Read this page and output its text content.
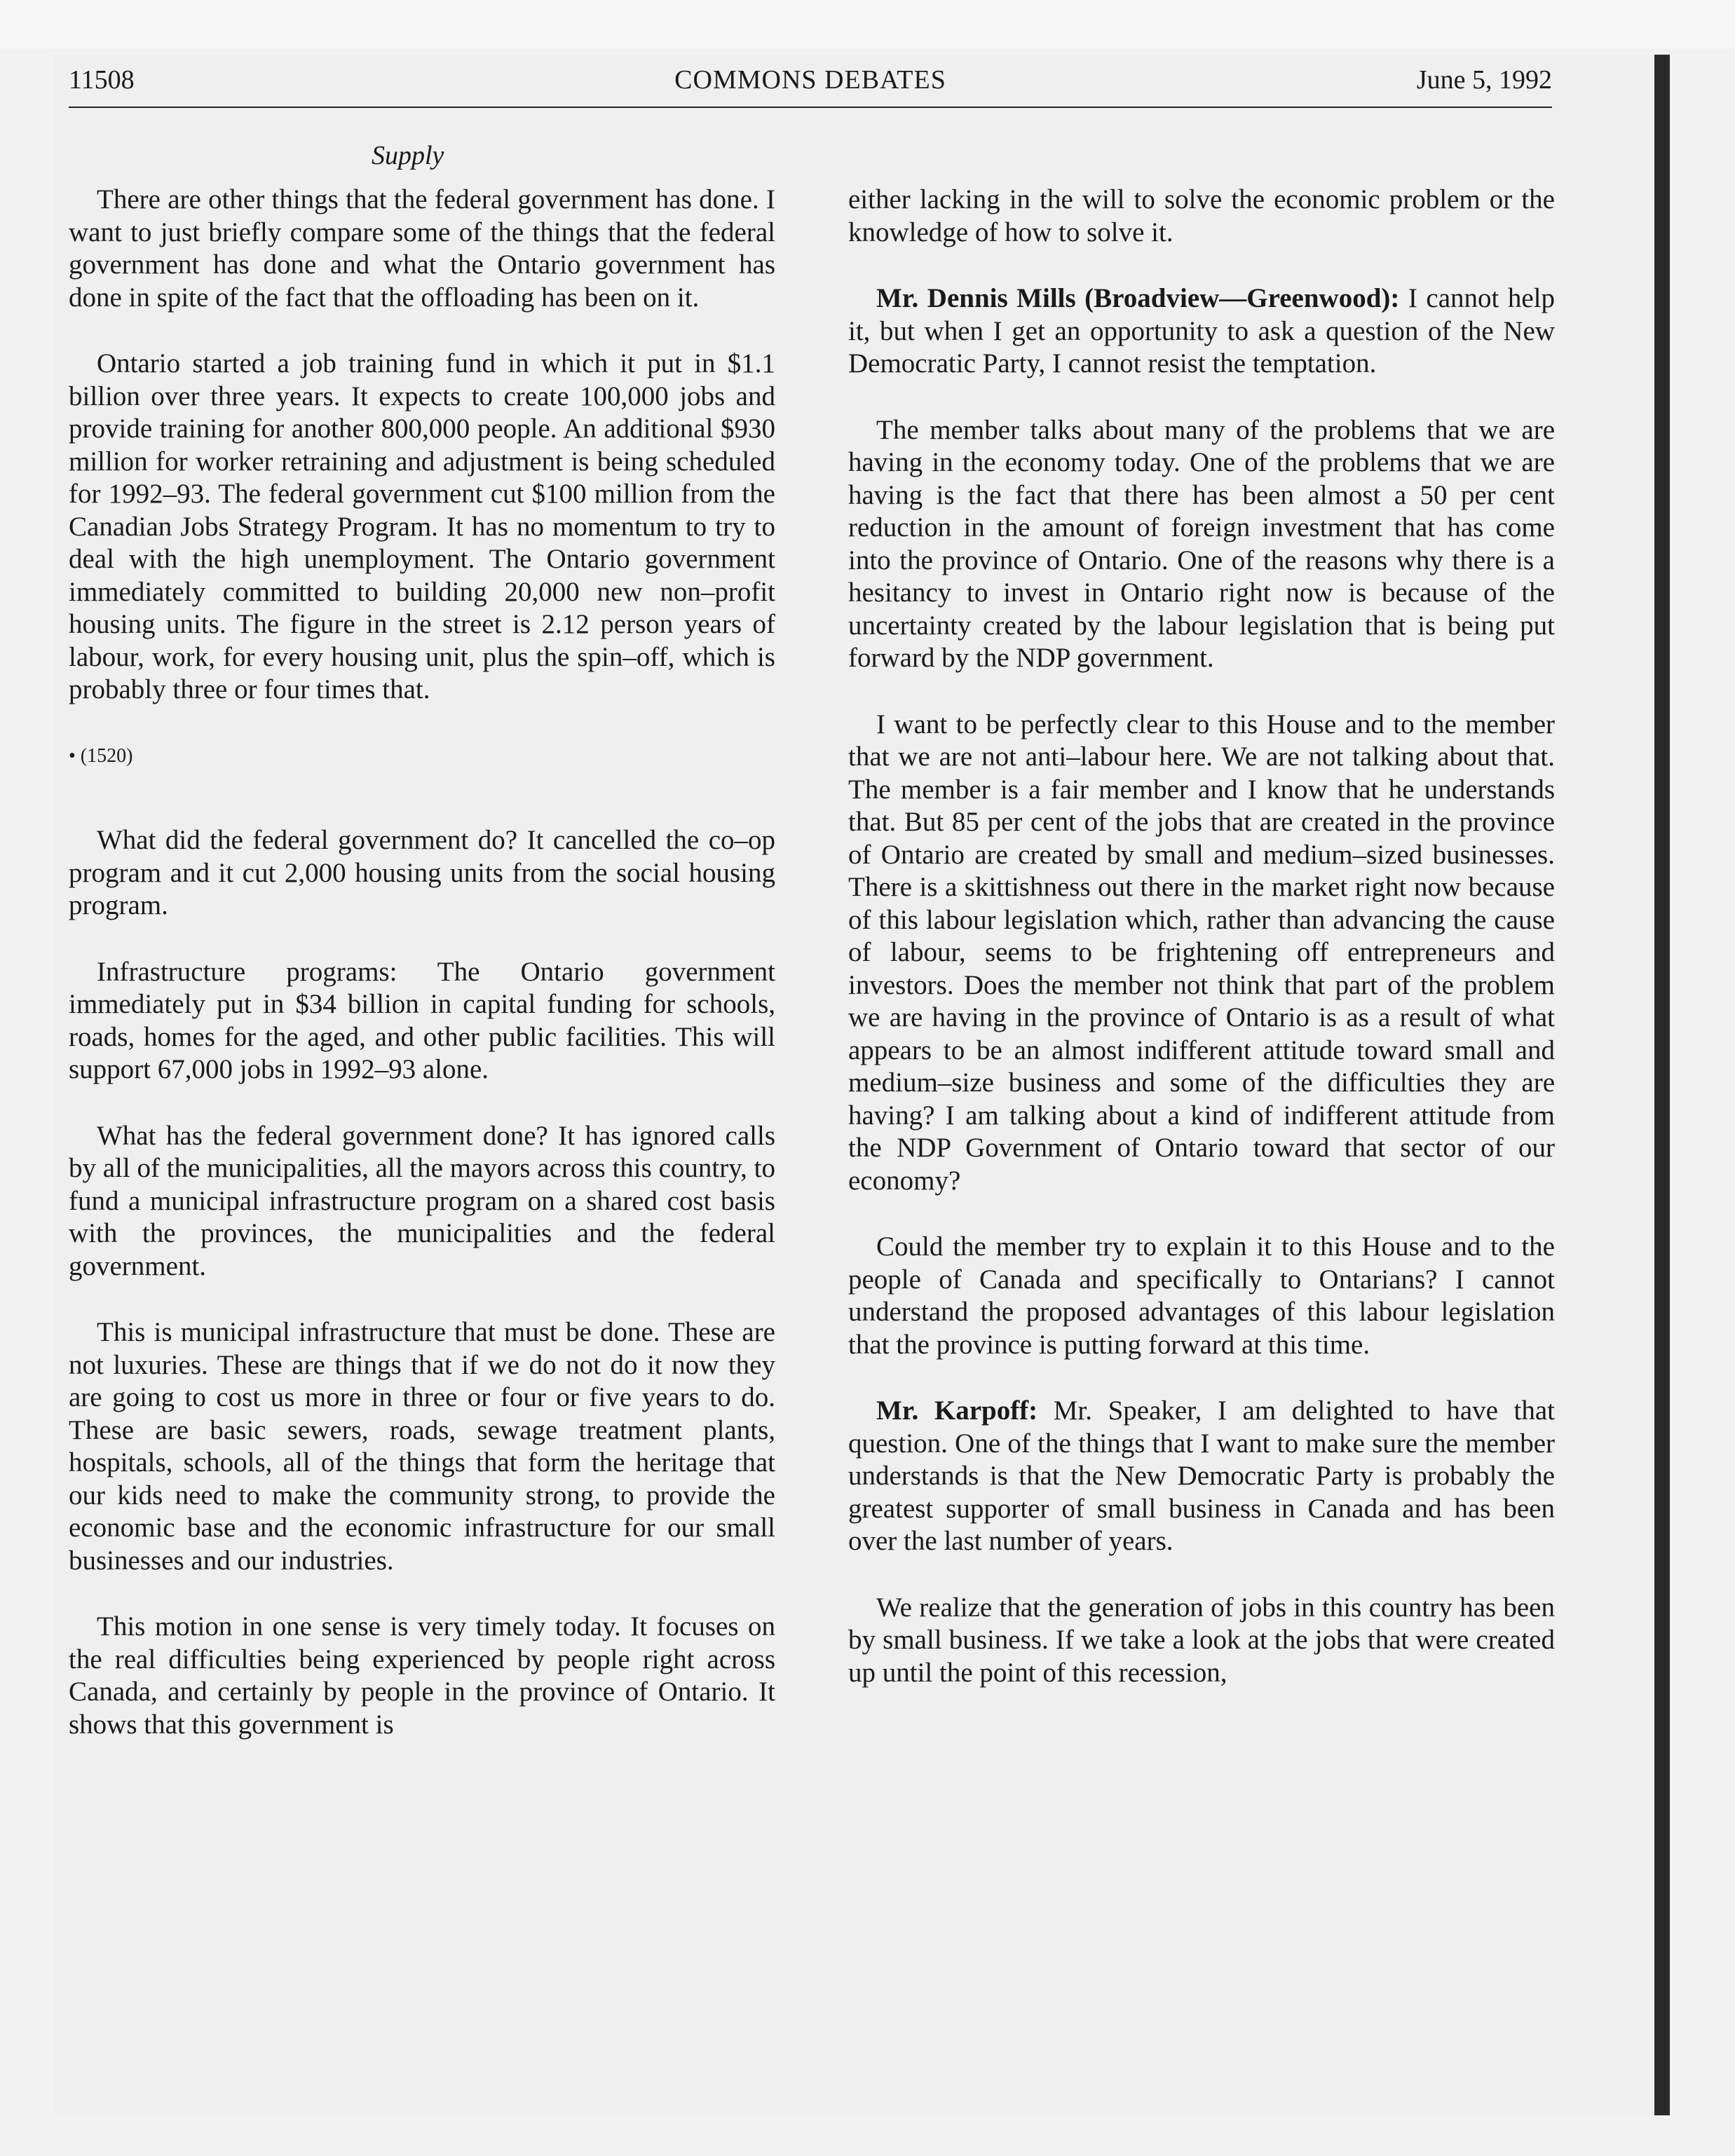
11508	COMMONS DEBATES	June 5, 1992
Supply

There are other things that the federal government has done. I want to just briefly compare some of the things that the federal government has done and what the Ontario government has done in spite of the fact that the offloading has been on it.

Ontario started a job training fund in which it put in $1.1 billion over three years. It expects to create 100,000 jobs and provide training for another 800,000 people. An additional $930 million for worker retraining and adjustment is being scheduled for 1992–93. The federal government cut $100 million from the Canadian Jobs Strategy Program. It has no momentum to try to deal with the high unemployment. The Ontario government immediately committed to building 20,000 new non–profit housing units. The figure in the street is 2.12 person years of labour, work, for every housing unit, plus the spin–off, which is probably three or four times that.

• (1520)

What did the federal government do? It cancelled the co–op program and it cut 2,000 housing units from the social housing program.

Infrastructure programs: The Ontario government immediately put in $34 billion in capital funding for schools, roads, homes for the aged, and other public facilities. This will support 67,000 jobs in 1992–93 alone.

What has the federal government done? It has ignored calls by all of the municipalities, all the mayors across this country, to fund a municipal infrastructure program on a shared cost basis with the provinces, the municipalities and the federal government.

This is municipal infrastructure that must be done. These are not luxuries. These are things that if we do not do it now they are going to cost us more in three or four or five years to do. These are basic sewers, roads, sewage treatment plants, hospitals, schools, all of the things that form the heritage that our kids need to make the community strong, to provide the economic base and the economic infrastructure for our small businesses and our industries.

This motion in one sense is very timely today. It focuses on the real difficulties being experienced by people right across Canada, and certainly by people in the province of Ontario. It shows that this government is

either lacking in the will to solve the economic problem or the knowledge of how to solve it.

Mr. Dennis Mills (Broadview—Greenwood): I cannot help it, but when I get an opportunity to ask a question of the New Democratic Party, I cannot resist the temptation.

The member talks about many of the problems that we are having in the economy today. One of the problems that we are having is the fact that there has been almost a 50 per cent reduction in the amount of foreign investment that has come into the province of Ontario. One of the reasons why there is a hesitancy to invest in Ontario right now is because of the uncertainty created by the labour legislation that is being put forward by the NDP government.

I want to be perfectly clear to this House and to the member that we are not anti–labour here. We are not talking about that. The member is a fair member and I know that he understands that. But 85 per cent of the jobs that are created in the province of Ontario are created by small and medium–sized businesses. There is a skittishness out there in the market right now because of this labour legislation which, rather than advancing the cause of labour, seems to be frightening off entrepreneurs and investors. Does the member not think that part of the problem we are having in the province of Ontario is as a result of what appears to be an almost indifferent attitude toward small and medium–size business and some of the difficulties they are having? I am talking about a kind of indifferent attitude from the NDP Government of Ontario toward that sector of our economy?

Could the member try to explain it to this House and to the people of Canada and specifically to Ontarians? I cannot understand the proposed advantages of this labour legislation that the province is putting forward at this time.

Mr. Karpoff: Mr. Speaker, I am delighted to have that question. One of the things that I want to make sure the member understands is that the New Democratic Party is probably the greatest supporter of small business in Canada and has been over the last number of years.

We realize that the generation of jobs in this country has been by small business. If we take a look at the jobs that were created up until the point of this recession,
